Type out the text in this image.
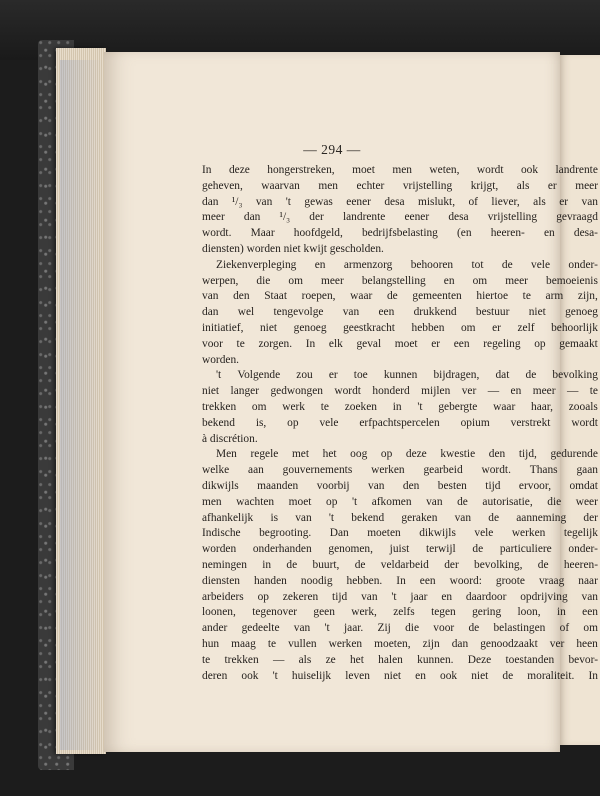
— 294 —
In deze hongerstreken, moet men weten, wordt ook landrente
geheven, waarvan men echter vrijstelling krijgt, als er meer
dan ¹/₃ van 't gewas eener desa mislukt, of liever, als er van
meer dan ¹/₃ der landrente eener desa vrijstelling gevraagd
wordt. Maar hoofdgeld, bedrijfsbelasting (en heeren- en desa-
diensten) worden niet kwijt gescholden.
Ziekenverpleging en armenzorg behooren tot de vele onder-
werpen, die om meer belangstelling en om meer bemoeienis
van den Staat roepen, waar de gemeenten hiertoe te arm zijn,
dan wel tengevolge van een drukkend bestuur niet genoeg
initiatief, niet genoeg geestkracht hebben om er zelf behoorlijk
voor te zorgen. In elk geval moet er een regeling op gemaakt
worden.
't Volgende zou er toe kunnen bijdragen, dat de bevolking
niet langer gedwongen wordt honderd mijlen ver — en meer — te
trekken om werk te zoeken in 't gebergte waar haar, zooals
bekend is, op vele erfpachtspercelen opium verstrekt wordt
à discrétion.
Men regele met het oog op deze kwestie den tijd, gedurende
welke aan gouvernements werken gearbeid wordt. Thans gaan
dikwijls maanden voorbij van den besten tijd ervoor, omdat
men wachten moet op 't afkomen van de autorisatie, die weer
afhankelijk is van 't bekend geraken van de aanneming der
Indische begrooting. Dan moeten dikwijls vele werken tegelijk
worden onderhanden genomen, juist terwijl de particuliere onder-
nemingen in de buurt, de veldarbeid der bevolking, de heeren-
diensten handen noodig hebben. In een woord: groote vraag naar
arbeiders op zekeren tijd van 't jaar en daardoor opdrijving van
loonen, tegenover geen werk, zelfs tegen gering loon, in een
ander gedeelte van 't jaar. Zij die voor de belastingen of om
hun maag te vullen werken moeten, zijn dan genoodzaakt ver heen
te trekken — als ze het halen kunnen. Deze toestanden bevor-
deren ook 't huiselijk leven niet en ook niet de moraliteit. In
